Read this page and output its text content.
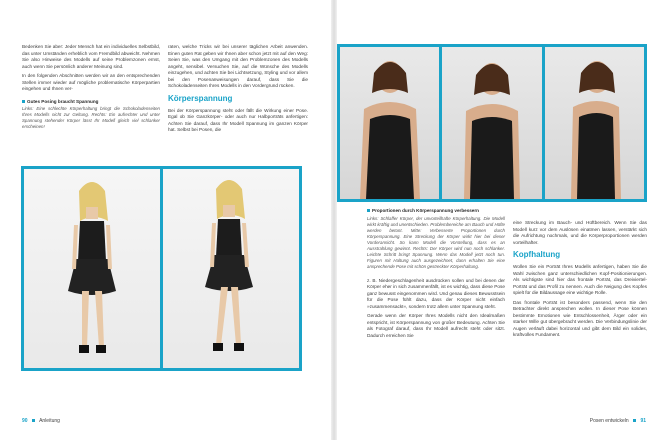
Bedenken Sie aber: Jeder Mensch hat ein individuelles Selbstbild, das unter Umständen erheblich vom Fremdbild abweicht. Nehmen Sie also Hinweise des Modells auf seine Problemzonen ernst, auch wenn Sie persönlich anderer Meinung sind.

In den folgenden Abschnitten werden wir an den entsprechenden Stellen immer wieder auf mögliche problematische Körperpartien eingehen und Ihnen ver-

Gutes Posing braucht Spannung

Links: Eine schlechte Körperhaltung bringt die Schokoladenseiten Ihres Modells nicht zur Geltung. Rechts: Ein aufrechter und unter Spannung stehender Körper lässt Ihr Modell gleich viel schlanker erscheinen!

raten, welche Tricks wir bei unserer täglichen Arbeit anwenden. Einen guten Rat geben wir Ihnen aber schon jetzt mit auf den Weg: Seien Sie, was den Umgang mit den Problemzonen des Modells angeht, sensibel. Versuchen Sie, auf die Wünsche des Modells einzugehen, und achten Sie bei Lichtsetzung, Styling und vor allem bei den Posenanweisungen darauf, dass Sie die Schokoladenseiten Ihres Modells in den Vordergrund rücken.

Körperspannung

Bei der Körperspannung steht oder fällt die Wirkung einer Pose. Egal ob Sie Ganzkörper- oder auch nur Halbporträts anfertigen: Achten Sie darauf, dass Ihr Modell Spannung im ganzen Körper hat. Selbst bei Posen, die

90 Anleitung
Proportionen durch Körperspannung verbessern

Links: Schlaffer Körper, der unvorteilhafte Körperhaltung. Die Modell wirkt kräftig und unentschieden. Problembereiche am Bauch und Hüfte werden betont. Mitte: Verbesserte Proportionen durch Körperspannung. Eine Streckung der Körper wirkt hier bei dieser Vorderansicht. So kann Modell die Vorstellung, dass es an Ausstrahlung gewinnt. Rechts: Der Körper wird nun noch schlanker. Leichte Schritt bringt Spannung. Wenn das Modell jetzt noch tun. Figuren mit Haltung auch ausgezeichnet, dann erhalten Sie eine ansprechende Pose mit schön gestreckter Körperhaltung.

z. B. Niedergeschlagenheit ausdrücken sollen und bei denen der Körper eher in sich zusammenfällt, ist es wichtig, dass diese Pose ganz bewusst eingenommen wird. Und genau dieses Bewusstsein für die Pose fühlt dazu, dass der Körper nicht einfach »zusammensackt«, sondern trotz allem unter Spannung steht.

Gerade wenn der Körper Ihres Modells nicht den Idealmaßen entspricht, ist Körperspannung von großer Bedeutung. Achten Sie als Fotograf darauf, dass Ihr Modell aufrecht steht oder sitzt. Dadurch erreichen Sie

eine Streckung im Bauch- und Hüftbereich. Wenn Sie das Modell kurz vor dem Auslösen einatmen lassen, verstärkt sich die Aufrichtung nochmals, und die Körperproportionen werden vorteilhafter.

Kopfhaltung

Wollen Sie ein Porträt Ihres Modells anfertigen, haben Sie die Wahl zwischen ganz unterschiedlichen Kopf-Positionierungen. Als wichtigste sind hier das frontale Porträt, das Dreiviertel-Porträt und das Profil zu nennen. Auch die Neigung des Kopfes spielt für die Bildaussage eine wichtige Rolle.

Das frontale Porträt ist besonders passend, wenn Sie den Betrachter direkt ansprechen wollen. In dieser Pose können bestimmte Emotionen wie Entschlossenheit, Ärger oder ein starker Wille gut übergebracht werden. Die Verbindungslinie der Augen verläuft dabei horizontal und gibt dem Bild ein solides, kraftvolles Fundament.

Posen entwickeln 91
